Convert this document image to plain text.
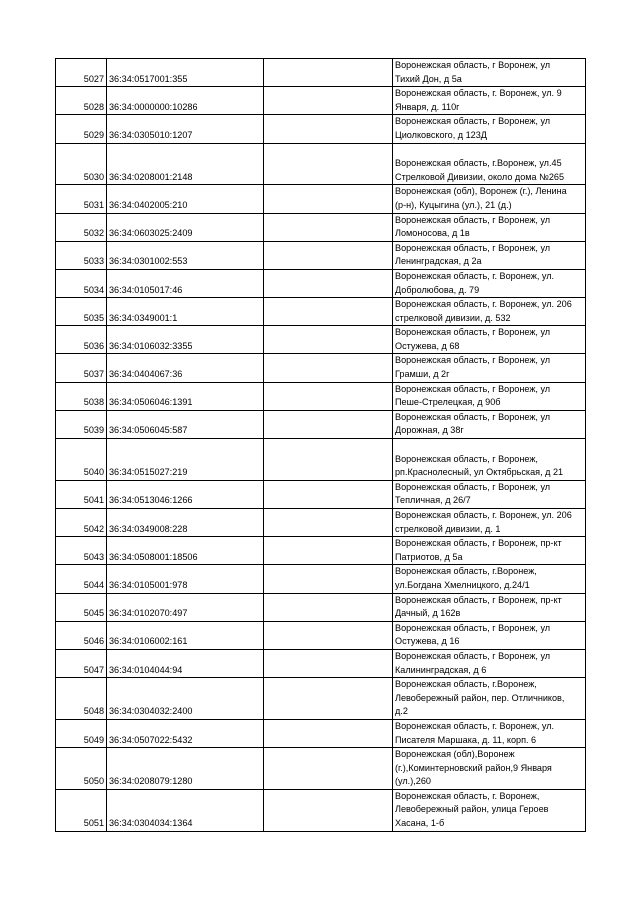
5027	36:34:0517001:355		Воронежская область, г Воронеж, ул
Тихий Дон, д 5а

5028	36:34:0000000:10286		Воронежская область, г. Воронеж, ул. 9
Января, д. 110г

5029	36:34:0305010:1207		Воронежская область, г Воронеж, ул
Циолковского, д 123Д

5030	36:34:0208001:2148		Воронежская область, г.Воронеж, ул.45
Стрелковой Дивизии, около дома №265

5031	36:34:0402005:210		Воронежская (обл), Воронеж (г.), Ленина
(р-н), Куцыгина (ул.), 21 (д.)

5032	36:34:0603025:2409		Воронежская область, г Воронеж, ул
Ломоносова, д 1в

5033	36:34:0301002:553		Воронежская область, г Воронеж, ул
Ленинградская, д 2а

5034	36:34:0105017:46		Воронежская область, г. Воронеж, ул.
Добролюбова, д. 79

5035	36:34:0349001:1		Воронежская область, г. Воронеж, ул. 206
стрелковой дивизии, д. 532

5036	36:34:0106032:3355		Воронежская область, г Воронеж, ул
Остужева, д 68

5037	36:34:0404067:36		Воронежская область, г Воронеж, ул
Грамши, д 2г

5038	36:34:0506046:1391		Воронежская область, г Воронеж, ул
Пеше-Стрелецкая, д 90б

5039	36:34:0506045:587		Воронежская область, г Воронеж, ул
Дорожная, д 38г

5040	36:34:0515027:219		Воронежская область, г Воронеж,
рп.Краснолесный, ул Октябрьская, д 21

5041	36:34:0513046:1266		Воронежская область, г Воронеж, ул
Тепличная, д 26/7

5042	36:34:0349008:228		Воронежская область, г. Воронеж, ул. 206
стрелковой дивизии, д. 1

5043	36:34:0508001:18506		Воронежская область, г Воронеж, пр-кт
Патриотов, д 5а

5044	36:34:0105001:978		Воронежская область, г.Воронеж,
ул.Богдана Хмелницкого, д.24/1

5045	36:34:0102070:497		Воронежская область, г Воронеж, пр-кт
Дачный, д 162в

5046	36:34:0106002:161		Воронежская область, г Воронеж, ул
Остужева, д 16

5047	36:34:0104044:94		Воронежская область, г Воронеж, ул
Калининградская, д 6

5048	36:34:0304032:2400		Воронежская область, г.Воронеж,
Левобережный район, пер. Отличников,
д.2

5049	36:34:0507022:5432		Воронежская область, г. Воронеж, ул.
Писателя Маршака, д. 11, корп. 6

5050	36:34:0208079:1280		Воронежская (обл),Воронеж
(г.),Коминтерновский район,9 Января
(ул.),260

5051	36:34:0304034:1364		Воронежская область, г. Воронеж,
Левобережный район, улица Героев
Хасана, 1-б
